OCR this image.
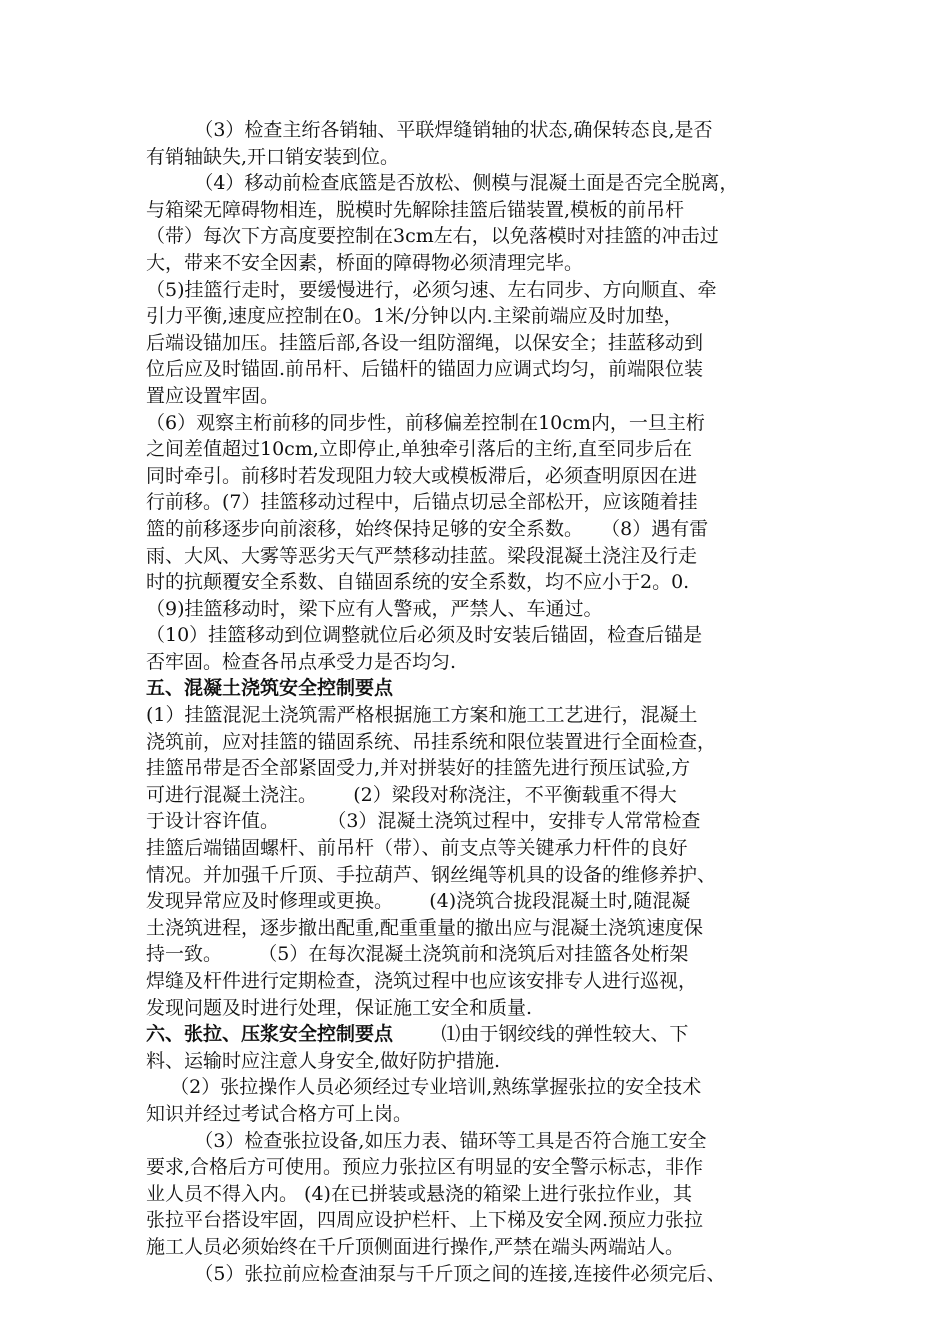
（3）检查主绗各销轴、平联焊缝销轴的状态,确保转态良,是否
有销轴缺失,开口销安装到位。
（4）移动前检查底篮是否放松、侧模与混凝土面是否完全脱离，
与箱梁无障碍物相连，脱模时先解除挂篮后锚装置,模板的前吊杆
（带）每次下方高度要控制在3cm左右，以免落模时对挂篮的冲击过
大，带来不安全因素，桥面的障碍物必须清理完毕。
（5)挂篮行走时，要缓慢进行，必须匀速、左右同步、方向顺直、牵
引力平衡,速度应控制在0。1米/分钟以内.主梁前端应及时加垫，
后端设锚加压。挂篮后部,各设一组防溜绳，以保安全；挂蓝移动到
位后应及时锚固.前吊杆、后锚杆的锚固力应调式均匀，前端限位装
置应设置牢固。
（6）观察主桁前移的同步性，前移偏差控制在10cm内，一旦主桁
之间差值超过10cm,立即停止,单独牵引落后的主绗,直至同步后在
同时牵引。前移时若发现阻力较大或模板滞后，必须查明原因在进
行前移。(7）挂篮移动过程中，后锚点切忌全部松开，应该随着挂
篮的前移逐步向前滚移，始终保持足够的安全系数。   （8）遇有雷
雨、大风、大雾等恶劣天气严禁移动挂蓝。梁段混凝土浇注及行走
时的抗颠覆安全系数、自锚固系统的安全系数，均不应小于2。0.
（9)挂篮移动时，梁下应有人警戒，严禁人、车通过。
（10）挂篮移动到位调整就位后必须及时安装后锚固，检查后锚是
否牢固。检查各吊点承受力是否均匀.
五、混凝土浇筑安全控制要点
(1）挂篮混泥土浇筑需严格根据施工方案和施工工艺进行，混凝土
浇筑前，应对挂篮的锚固系统、吊挂系统和限位装置进行全面检查，
挂篮吊带是否全部紧固受力,并对拼装好的挂篮先进行预压试验,方
可进行混凝土浇注。      (2）梁段对称浇注，不平衡载重不得大
于设计容许值。        （3）混凝土浇筑过程中，安排专人常常检查
挂篮后端锚固螺杆、前吊杆（带）、前支点等关键承力杆件的良好
情况。并加强千斤顶、手拉葫芦、钢丝绳等机具的设备的维修养护、
发现异常应及时修理或更换。      (4)浇筑合拢段混凝土时,随混凝
土浇筑进程，逐步撤出配重,配重重量的撤出应与混凝土浇筑速度保
持一致。      （5）在每次混凝土浇筑前和浇筑后对挂篮各处桁架
焊缝及杆件进行定期检查，浇筑过程中也应该安排专人进行巡视，
发现问题及时进行处理，保证施工安全和质量.
六、张拉、压浆安全控制要点        ⑴由于钢绞线的弹性较大、下
料、运输时应注意人身安全,做好防护措施.
（2）张拉操作人员必须经过专业培训,熟练掌握张拉的安全技术
知识并经过考试合格方可上岗。
（3）检查张拉设备,如压力表、锚环等工具是否符合施工安全
要求,合格后方可使用。预应力张拉区有明显的安全警示标志，非作
业人员不得入内。 (4)在已拼装或悬浇的箱梁上进行张拉作业，其
张拉平台搭设牢固，四周应设护栏杆、上下梯及安全网.预应力张拉
施工人员必须始终在千斤顶侧面进行操作,严禁在端头两端站人。
（5）张拉前应检查油泵与千斤顶之间的连接,连接件必须完后、
